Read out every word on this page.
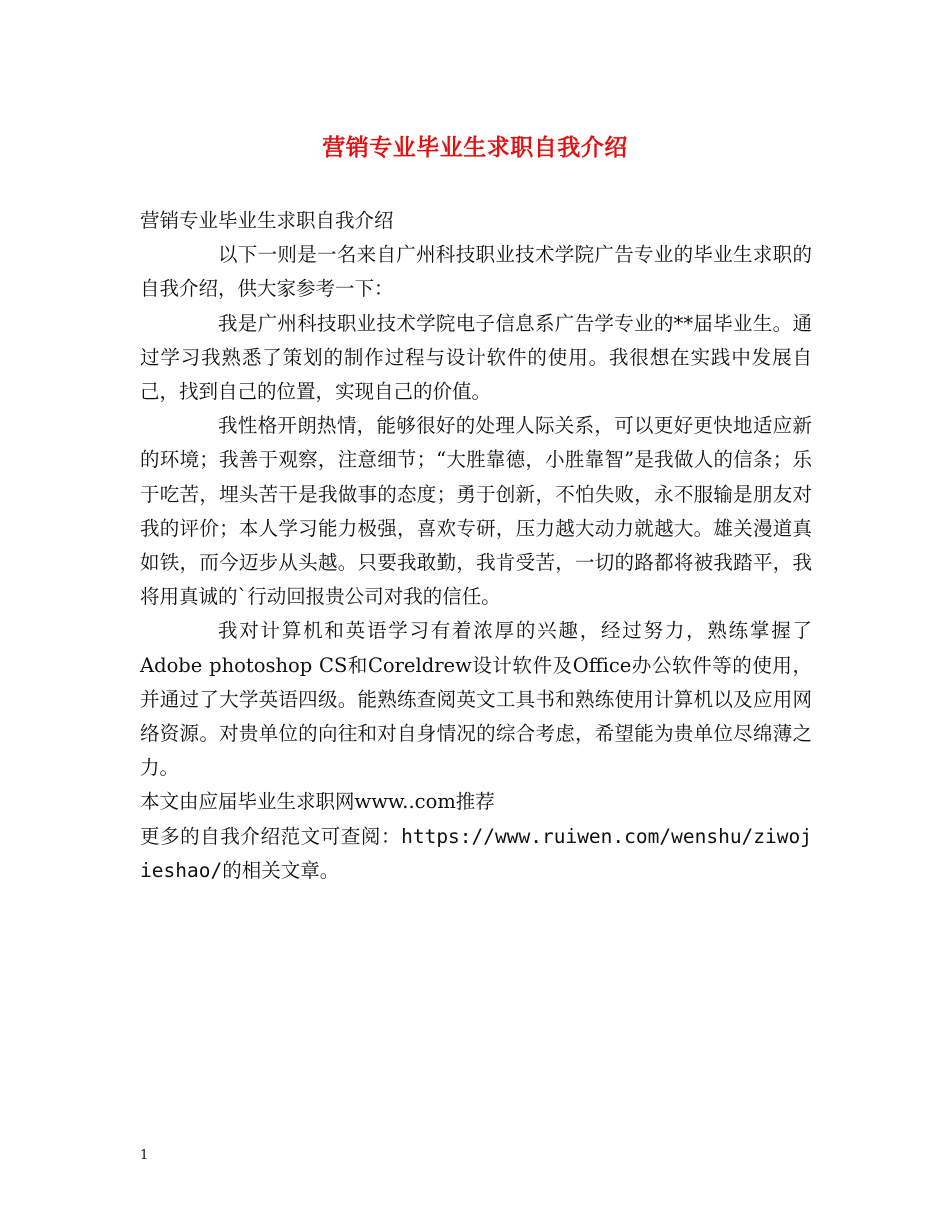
营销专业毕业生求职自我介绍

营销专业毕业生求职自我介绍

以下一则是一名来自广州科技职业技术学院广告专业的毕业生求职的自我介绍，供大家参考一下：

我是广州科技职业技术学院电子信息系广告学专业的**届毕业生。通过学习我熟悉了策划的制作过程与设计软件的使用。我很想在实践中发展自己，找到自己的位置，实现自己的价值。

我性格开朗热情，能够很好的处理人际关系，可以更好更快地适应新的环境；我善于观察，注意细节；“大胜靠德，小胜靠智”是我做人的信条；乐于吃苦，埋头苦干是我做事的态度；勇于创新，不怕失败，永不服输是朋友对我的评价；本人学习能力极强，喜欢专研，压力越大动力就越大。雄关漫道真如铁，而今迈步从头越。只要我敢勤，我肯受苦，一切的路都将被我踏平，我将用真诚的`行动回报贵公司对我的信任。

我对计算机和英语学习有着浓厚的兴趣，经过努力，熟练掌握了Adobe photoshop CS和Coreldrew设计软件及Office办公软件等的使用，并通过了大学英语四级。能熟练查阅英文工具书和熟练使用计算机以及应用网络资源。对贵单位的向往和对自身情况的综合考虑，希望能为贵单位尽绵薄之力。

本文由应届毕业生求职网www..com推荐

更多的自我介绍范文可查阅：https://www.ruiwen.com/wenshu/ziwojieshao/的相关文章。

1
